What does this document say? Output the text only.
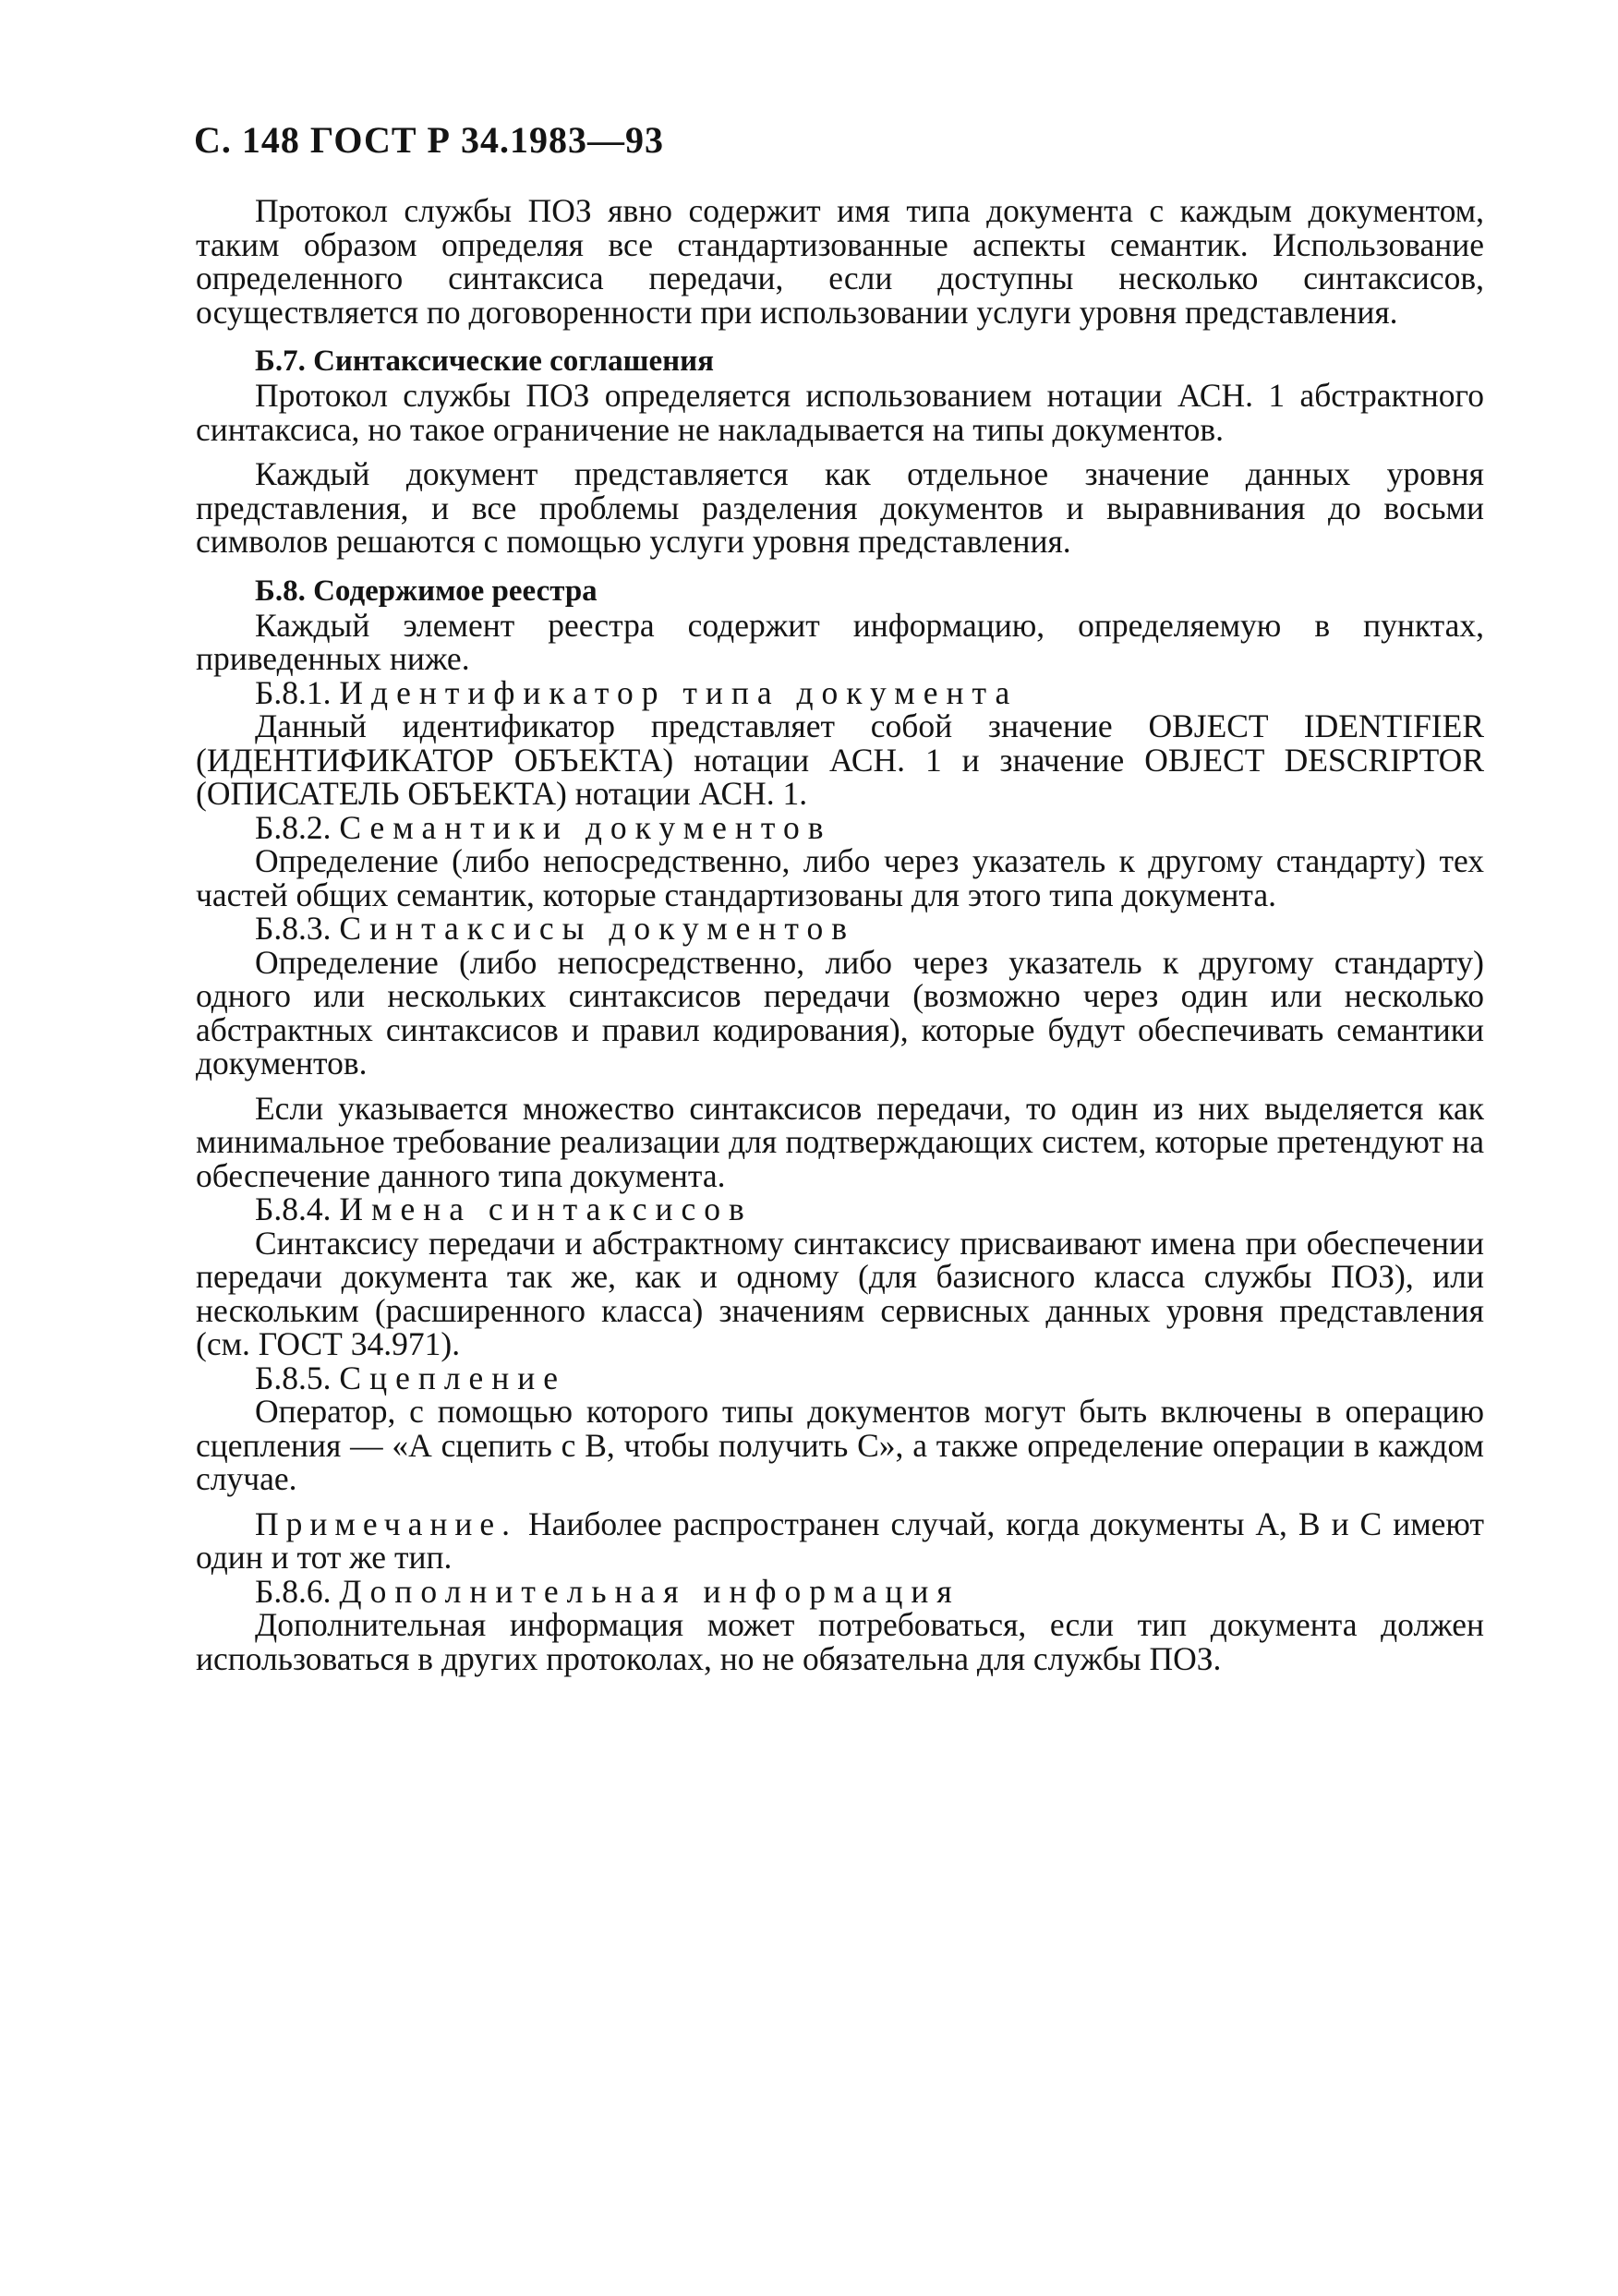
С. 148 ГОСТ Р 34.1983—93

Протокол службы ПОЗ явно содержит имя типа документа с каждым документом, таким образом определяя все стандартизованные аспекты семантик. Использование определенного синтаксиса передачи, если доступны несколько синтаксисов, осуществляется по договоренности при использовании услуги уровня представления.

Б.7. Синтаксические соглашения

Протокол службы ПОЗ определяется использованием нотации АСН. 1 абстрактного синтаксиса, но такое ограничение не накладывается на типы документов.

Каждый документ представляется как отдельное значение данных уровня представления, и все проблемы разделения документов и выравнивания до восьми символов решаются с помощью услуги уровня представления.

Б.8. Содержимое реестра

Каждый элемент реестра содержит информацию, определяемую в пунктах, приведенных ниже.

Б.8.1. Идентификатор типа документа

Данный идентификатор представляет собой значение OBJECT IDENTIFIER (ИДЕНТИФИКАТОР ОБЪЕКТА) нотации АСН. 1 и значение OBJECT DESCRIPTOR (ОПИСАТЕЛЬ ОБЪЕКТА) нотации АСН. 1.

Б.8.2. Семантики документов

Определение (либо непосредственно, либо через указатель к другому стандарту) тех частей общих семантик, которые стандартизованы для этого типа документа.

Б.8.3. Синтаксисы документов

Определение (либо непосредственно, либо через указатель к другому стандарту) одного или нескольких синтаксисов передачи (возможно через один или несколько абстрактных синтаксисов и правил кодирования), которые будут обеспечивать семантики документов.

Если указывается множество синтаксисов передачи, то один из них выделяется как минимальное требование реализации для подтверждающих систем, которые претендуют на обеспечение данного типа документа.

Б.8.4. Имена синтаксисов

Синтаксису передачи и абстрактному синтаксису присваивают имена при обеспечении передачи документа так же, как и одному (для базисного класса службы ПОЗ), или нескольким (расширенного класса) значениям сервисных данных уровня представления (см. ГОСТ 34.971).

Б.8.5. Сцепление

Оператор, с помощью которого типы документов могут быть включены в операцию сцепления — «А сцепить с В, чтобы получить С», а также определение операции в каждом случае.

Примечание. Наиболее распространен случай, когда документы А, В и С имеют один и тот же тип.

Б.8.6. Дополнительная информация

Дополнительная информация может потребоваться, если тип документа должен использоваться в других протоколах, но не обязательна для службы ПОЗ.
